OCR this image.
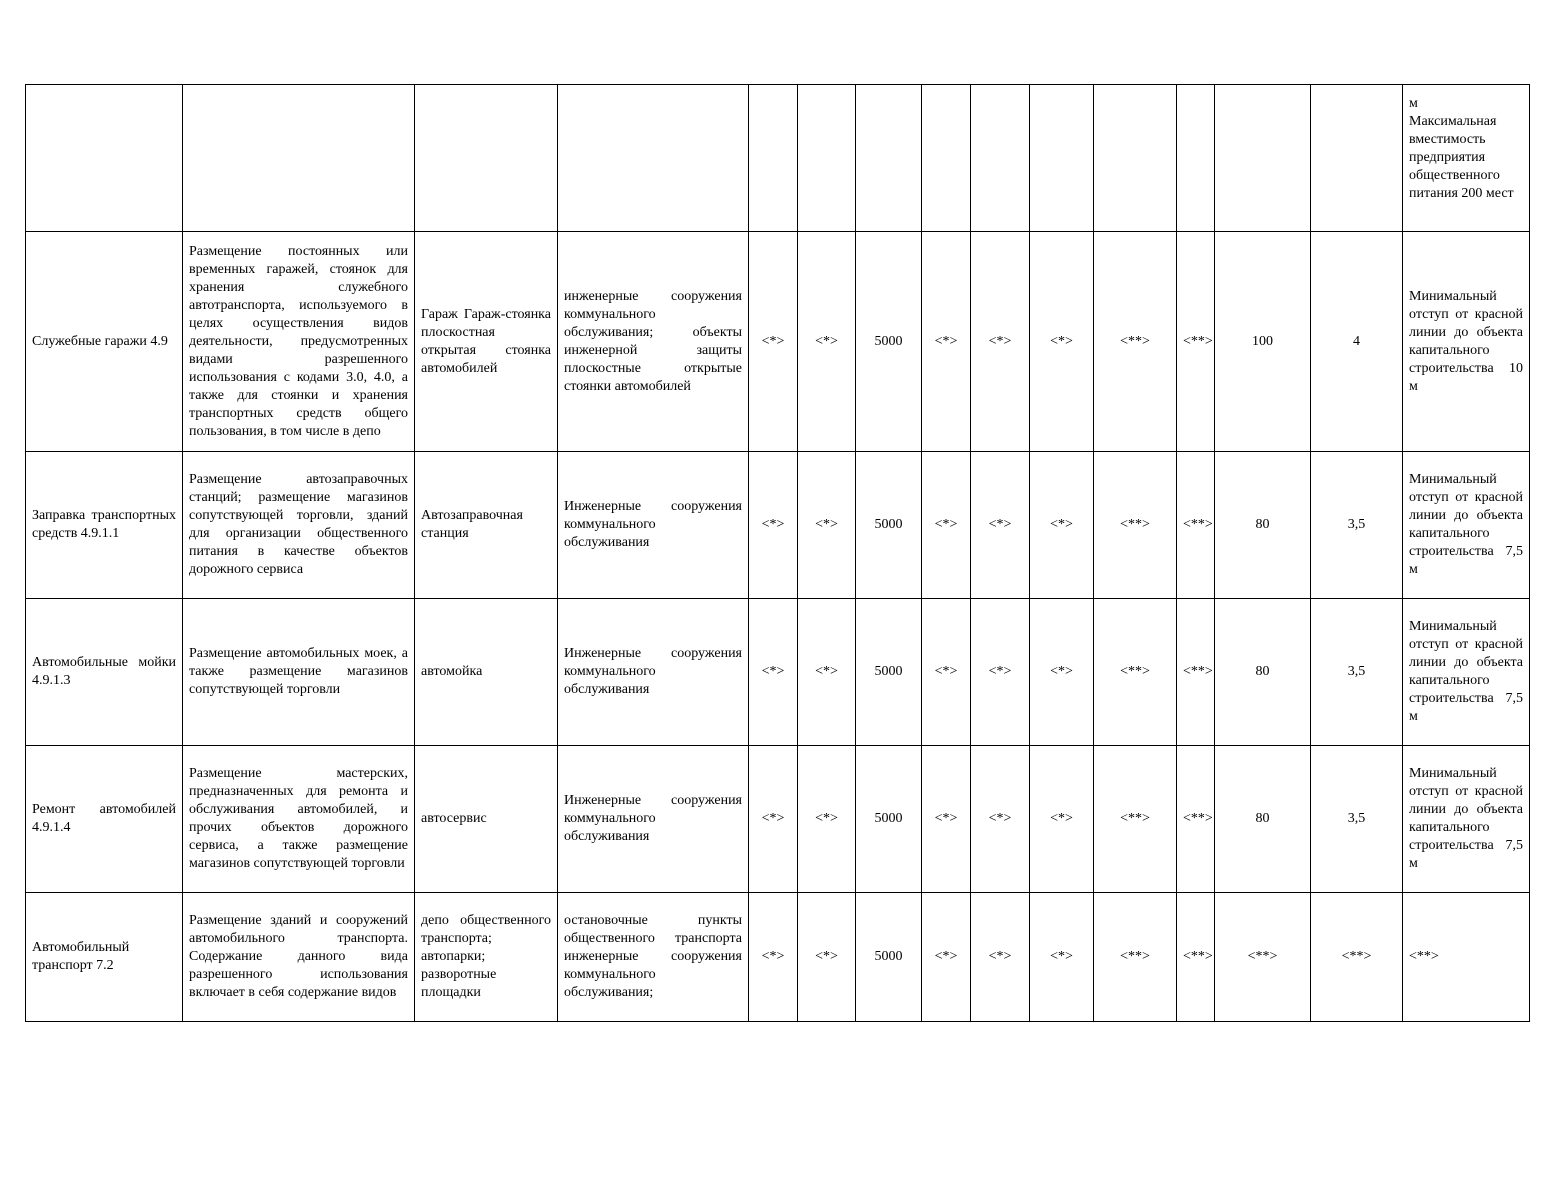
														м
Максимальная вместимость предприятия общественного питания 200 мест
Служебные гаражи 4.9	Размещение постоянных или временных гаражей, стоянок для хранения служебного автотранспорта, используемого в целях осуществления видов деятельности, предусмотренных видами разрешенного использования с кодами 3.0, 4.0, а также для стоянки и хранения транспортных средств общего пользования, в том числе в депо	Гараж Гараж-стоянка плоскостная открытая стоянка автомобилей	инженерные сооружения коммунального обслуживания; объекты инженерной защиты плоскостные открытые стоянки автомобилей	<*>	<*>	5000	<*>	<*>	<*>	<**>	<**>	100	4	Минимальный отступ от красной линии до объекта капитального строительства 10 м
Заправка транспортных средств 4.9.1.1	Размещение автозаправочных станций; размещение магазинов сопутствующей торговли, зданий для организации общественного питания в качестве объектов дорожного сервиса	Автозаправочная станция	Инженерные сооружения коммунального обслуживания	<*>	<*>	5000	<*>	<*>	<*>	<**>	<**>	80	3,5	Минимальный отступ от красной линии до объекта капитального строительства 7,5 м
Автомобильные мойки 4.9.1.3	Размещение автомобильных моек, а также размещение магазинов сопутствующей торговли	автомойка	Инженерные сооружения коммунального обслуживания	<*>	<*>	5000	<*>	<*>	<*>	<**>	<**>	80	3,5	Минимальный отступ от красной линии до объекта капитального строительства 7,5 м
Ремонт автомобилей 4.9.1.4	Размещение мастерских, предназначенных для ремонта и обслуживания автомобилей, и прочих объектов дорожного сервиса, а также размещение магазинов сопутствующей торговли	автосервис	Инженерные сооружения коммунального обслуживания	<*>	<*>	5000	<*>	<*>	<*>	<**>	<**>	80	3,5	Минимальный отступ от красной линии до объекта капитального строительства 7,5 м
Автомобильный транспорт 7.2	Размещение зданий и сооружений автомобильного транспорта. Содержание данного вида разрешенного использования включает в себя содержание видов	депо общественного транспорта; автопарки; разворотные площадки	остановочные пункты общественного транспорта инженерные сооружения коммунального обслуживания;	<*>	<*>	5000	<*>	<*>	<*>	<**>	<**>	<**>	<**>	<**>
